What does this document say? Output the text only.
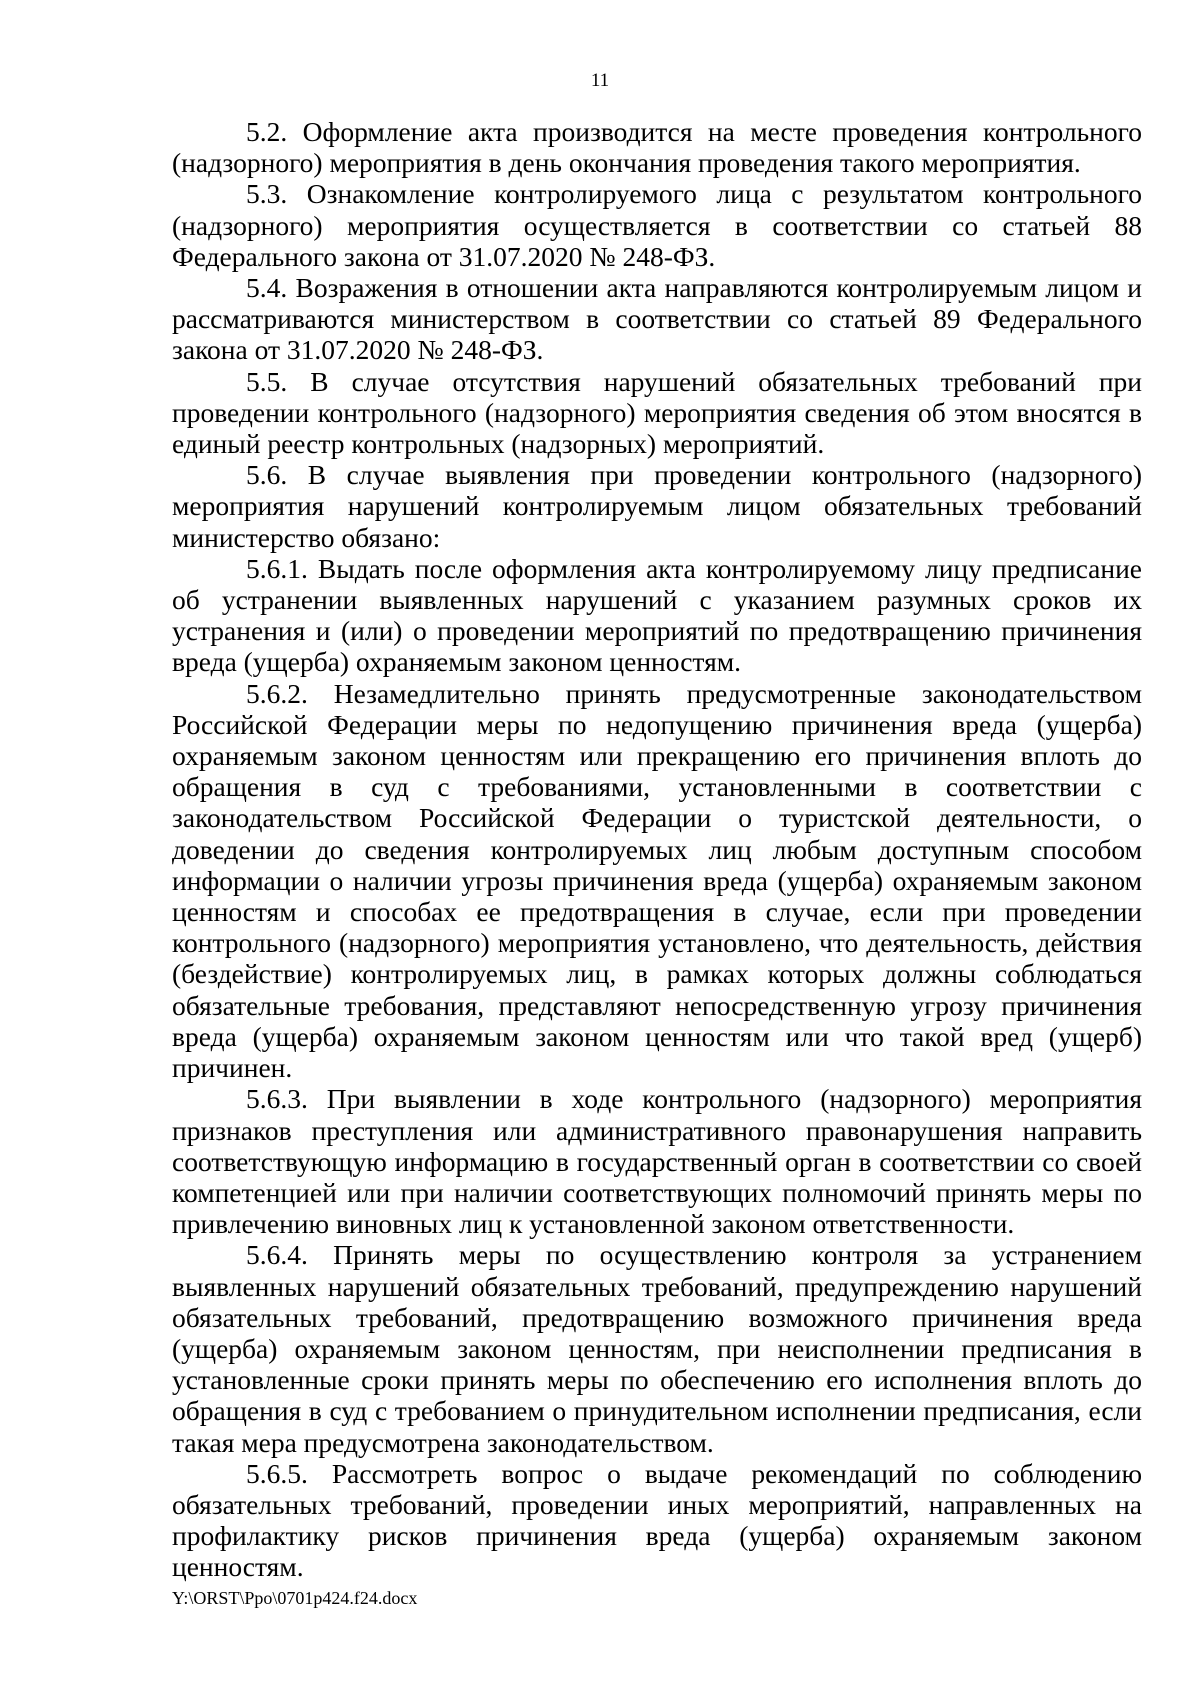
11

5.2. Оформление акта производится на месте проведения контрольного (надзорного) мероприятия в день окончания проведения такого мероприятия.

5.3. Ознакомление контролируемого лица с результатом контрольного (надзорного) мероприятия осуществляется в соответствии со статьей 88 Федерального закона от 31.07.2020 № 248-ФЗ.

5.4. Возражения в отношении акта направляются контролируемым лицом и рассматриваются министерством в соответствии со статьей 89 Федерального закона от 31.07.2020 № 248-ФЗ.

5.5. В случае отсутствия нарушений обязательных требований при проведении контрольного (надзорного) мероприятия сведения об этом вносятся в единый реестр контрольных (надзорных) мероприятий.

5.6. В случае выявления при проведении контрольного (надзорного) мероприятия нарушений контролируемым лицом обязательных требований министерство обязано:

5.6.1. Выдать после оформления акта контролируемому лицу предписание об устранении выявленных нарушений с указанием разумных сроков их устранения и (или) о проведении мероприятий по предотвращению причинения вреда (ущерба) охраняемым законом ценностям.

5.6.2. Незамедлительно принять предусмотренные законодательством Российской Федерации меры по недопущению причинения вреда (ущерба) охраняемым законом ценностям или прекращению его причинения вплоть до обращения в суд с требованиями, установленными в соответствии с законодательством Российской Федерации о туристской деятельности, о доведении до сведения контролируемых лиц любым доступным способом информации о наличии угрозы причинения вреда (ущерба) охраняемым законом ценностям и способах ее предотвращения в случае, если при проведении контрольного (надзорного) мероприятия установлено, что деятельность, действия (бездействие) контролируемых лиц, в рамках которых должны соблюдаться обязательные требования, представляют непосредственную угрозу причинения вреда (ущерба) охраняемым законом ценностям или что такой вред (ущерб) причинен.

5.6.3. При выявлении в ходе контрольного (надзорного) мероприятия признаков преступления или административного правонарушения направить соответствующую информацию в государственный орган в соответствии со своей компетенцией или при наличии соответствующих полномочий принять меры по привлечению виновных лиц к установленной законом ответственности.

5.6.4. Принять меры по осуществлению контроля за устранением выявленных нарушений обязательных требований, предупреждению нарушений обязательных требований, предотвращению возможного причинения вреда (ущерба) охраняемым законом ценностям, при неисполнении предписания в установленные сроки принять меры по обеспечению его исполнения вплоть до обращения в суд с требованием о принудительном исполнении предписания, если такая мера предусмотрена законодательством.

5.6.5. Рассмотреть вопрос о выдаче рекомендаций по соблюдению обязательных требований, проведении иных мероприятий, направленных на профилактику рисков причинения вреда (ущерба) охраняемым законом ценностям.

Y:\ORST\Ppo\0701p424.f24.docx
